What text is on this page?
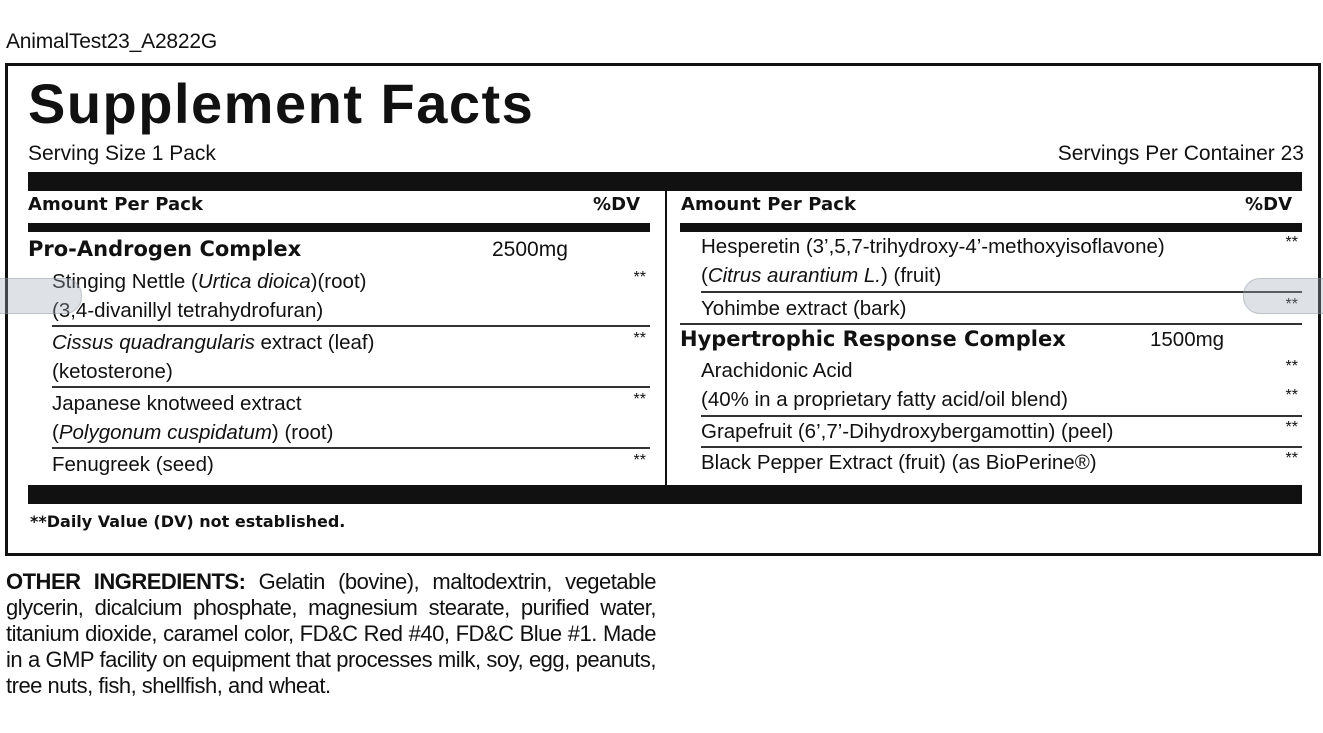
AnimalTest23_A2822G
Supplement Facts
Serving Size 1 Pack	Servings Per Container 23
Amount Per Pack	%DV
Pro-Androgen Complex	2500mg
Stinging Nettle (Urtica dioica)(root)
(3,4-divanillyl tetrahydrofuran)
**
Cissus quadrangularis extract (leaf)
(ketosterone)
**
Japanese knotweed extract
(Polygonum cuspidatum) (root)
**
Fenugreek (seed)	**
Amount Per Pack	%DV
Hesperetin (3’,5,7-trihydroxy-4’-methoxyisoflavone)
(Citrus aurantium L.) (fruit)
**
Yohimbe extract (bark)	**
Hypertrophic Response Complex	1500mg
Arachidonic Acid	**
(40% in a proprietary fatty acid/oil blend)	**
Grapefruit (6’,7’-Dihydroxybergamottin) (peel)	**
Black Pepper Extract (fruit) (as BioPerine®)	**
**Daily Value (DV) not established.
OTHER INGREDIENTS: Gelatin (bovine), maltodextrin, vegetable glycerin, dicalcium phosphate, magnesium stearate, purified water, titanium dioxide, caramel color, FD&C Red #40, FD&C Blue #1. Made in a GMP facility on equipment that processes milk, soy, egg, peanuts, tree nuts, fish, shellfish, and wheat.
